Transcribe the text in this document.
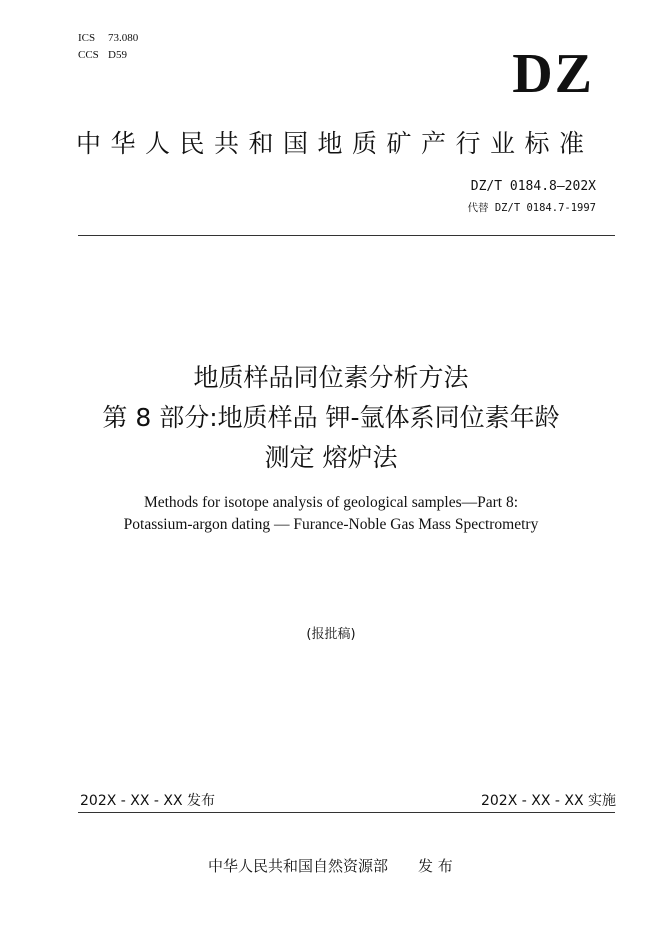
ICS 73.080
CCS D59	DZ
中华人民共和国地质矿产行业标准
DZ/T 0184.8—202X
代替 DZ/T 0184.7-1997
地质样品同位素分析方法
第 8 部分:地质样品 钾-氩体系同位素年龄
测定 熔炉法
Methods for isotope analysis of geological samples—Part 8:
Potassium-argon dating — Furance-Noble Gas Mass Spectrometry
(报批稿)
202X - XX - XX 发布	202X - XX - XX 实施
中华人民共和国自然资源部 发 布
